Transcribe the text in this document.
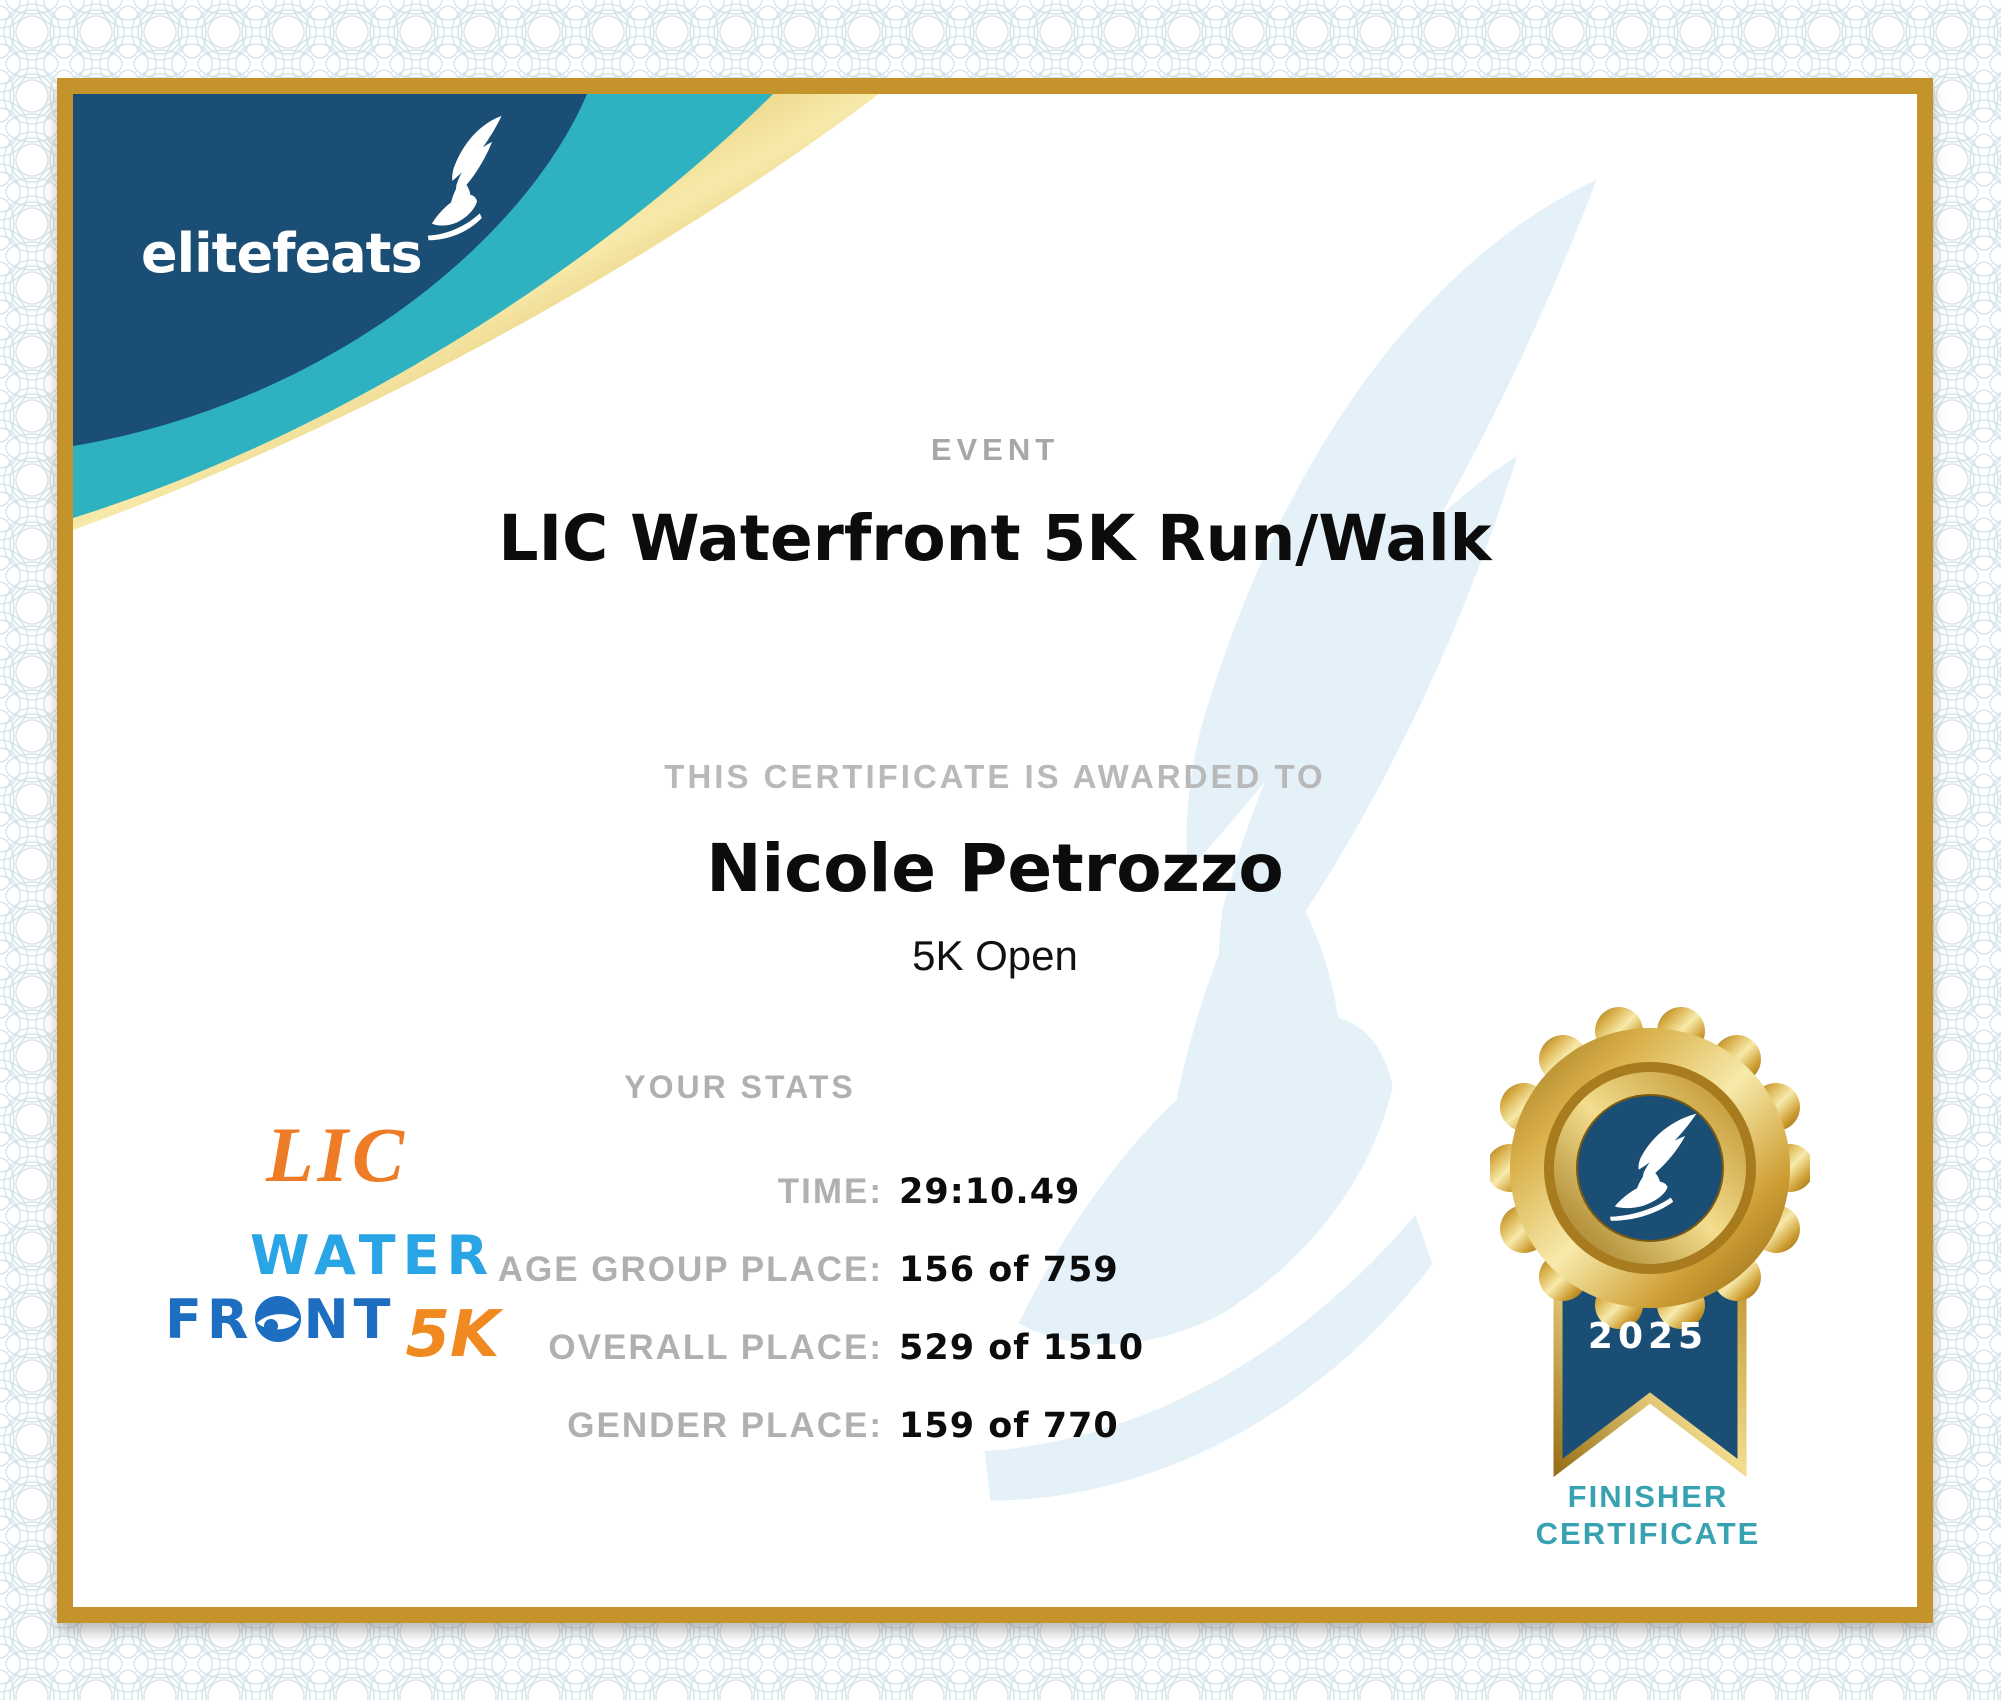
elitefeats
EVENT
LIC Waterfront 5K Run/Walk
THIS CERTIFICATE IS AWARDED TO
Nicole Petrozzo
5K Open
YOUR STATS
TIME: 29:10.49
AGE GROUP PLACE: 156 of 759
OVERALL PLACE: 529 of 1510
GENDER PLACE: 159 of 770
LIC
WATER
FR NT 5K	2025
FINISHER
CERTIFICATE
